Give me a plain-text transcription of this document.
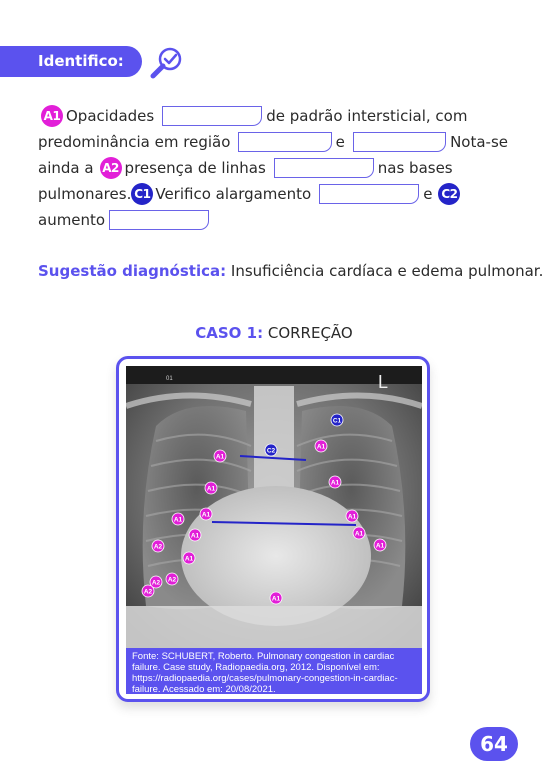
Identifico:
A1 Opacidades	de padrão intersticial, com
predominância em região	e	Nota-se
ainda a A2 presença de linhas	nas bases
pulmonares. C1 Verifico alargamento	e C2
aumento
Sugestão diagnóstica: Insuficiência cardíaca e edema pulmonar.
CASO 1: CORREÇÃO
01	L
C1
C2
A1
A1
A1
A1
A1
A1	A1
A1
A1
A1
A1
A1
A2
A2
A2
A2
Fonte: SCHUBERT, Roberto. Pulmonary congestion in cardiac failure. Case study, Radiopaedia.org, 2012. Disponível em: https://radiopaedia.org/cases/pulmonary-congestion-in-cardiac-failure. Acessado em: 20/08/2021.
64
